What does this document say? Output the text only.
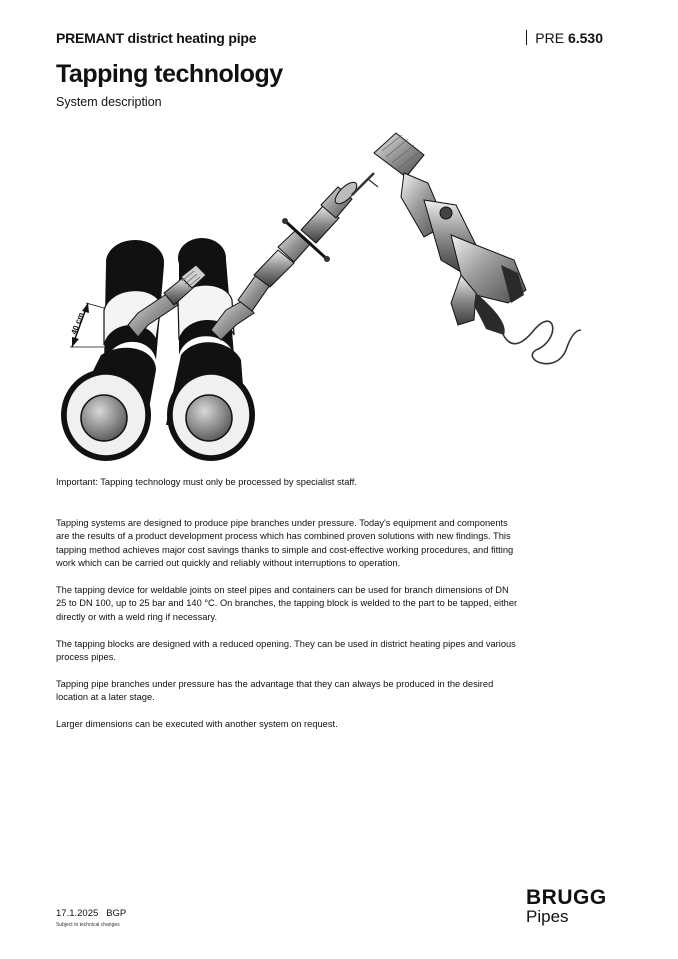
PREMANT district heating pipe	PRE 6.530
Tapping technology
System description
40 cm
Important: Tapping technology must only be processed by specialist staff.

Tapping systems are designed to produce pipe branches under pressure. Today's equipment and components are the results of a product development process which has combined proven solutions with new findings. This tapping method achieves major cost savings thanks to simple and cost-effective working procedures, and fitting work which can be carried out quickly and reliably without interruptions to operation.

The tapping device for weldable joints on steel pipes and containers can be used for branch dimensions of DN 25 to DN 100, up to 25 bar and 140 °C. On branches, the tapping block is welded to the part to be tapped, either directly or with a weld ring if necessary.

The tapping blocks are designed with a reduced opening. They can be used in district heating pipes and various process pipes.

Tapping pipe branches under pressure has the advantage that they can always be produced in the desired location at a later stage.

Larger dimensions can be executed with another system on request.

17.1.2025 BGP
Subject to technical changes
BRUGG
Pipes
